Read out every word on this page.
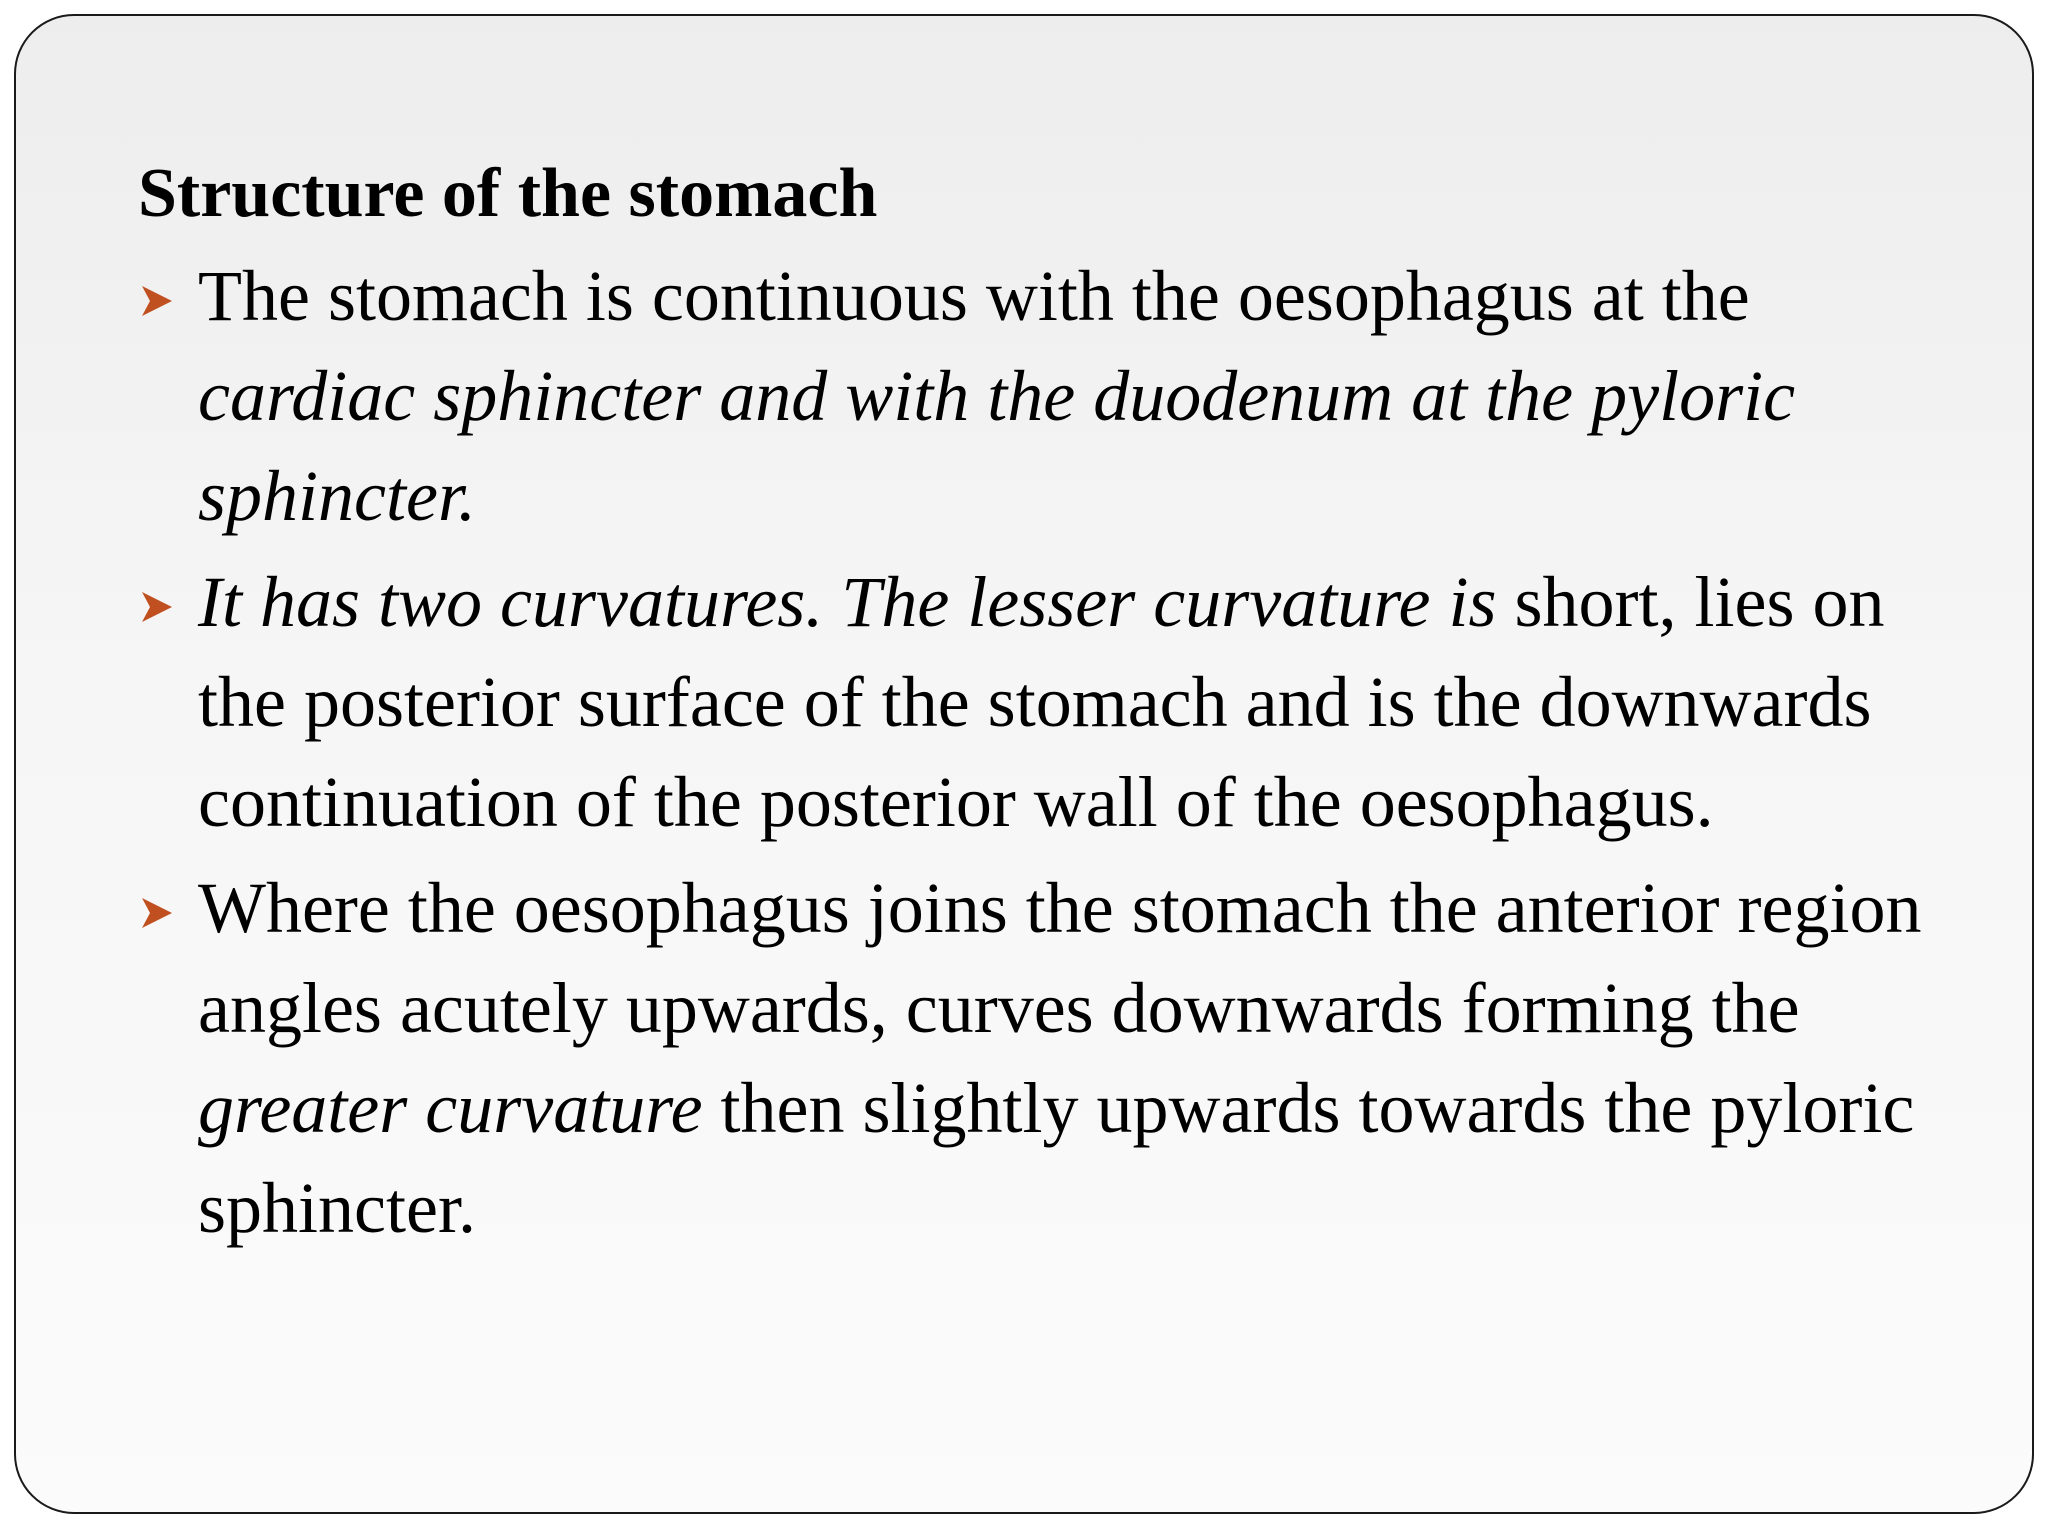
Structure of the stomach
The stomach is continuous with the oesophagus at the cardiac sphincter and with the duodenum at the pyloric sphincter.
It has two curvatures. The lesser curvature is short, lies on the posterior surface of the stomach and is the downwards continuation of the posterior wall of the oesophagus.
Where the oesophagus joins the stomach the anterior region angles acutely upwards, curves downwards forming the greater curvature then slightly upwards towards the pyloric sphincter.
